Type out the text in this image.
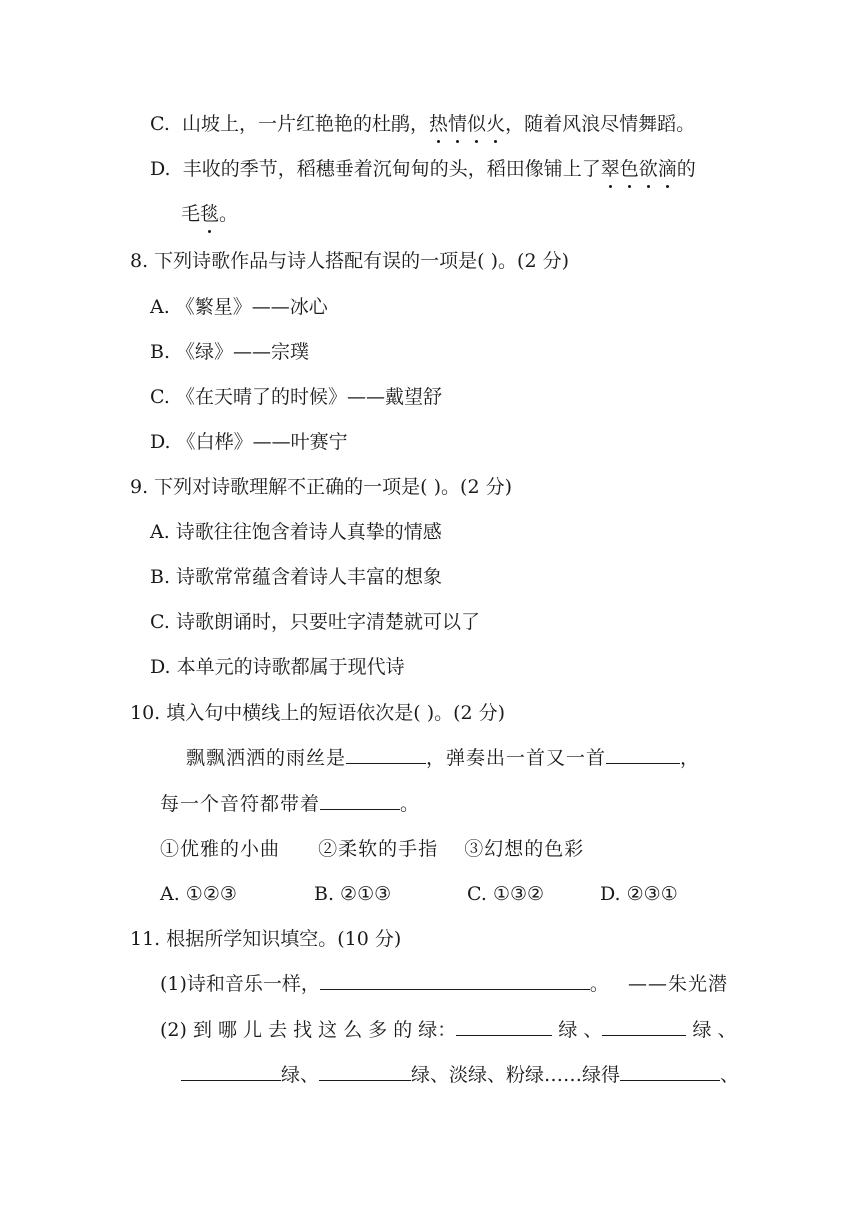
C. 山坡上，一片红艳艳的杜鹃，热情似火，随着风浪尽情舞蹈。
D. 丰收的季节，稻穗垂着沉甸甸的头，稻田像铺上了翠色欲滴的
毛毯。
8. 下列诗歌作品与诗人搭配有误的一项是( )。(2 分)
A. 《繁星》——冰心
B. 《绿》——宗璞
C. 《在天晴了的时候》——戴望舒
D. 《白桦》——叶赛宁
9. 下列对诗歌理解不正确的一项是( )。(2 分)
A. 诗歌往往饱含着诗人真挚的情感
B. 诗歌常常蕴含着诗人丰富的想象
C. 诗歌朗诵时，只要吐字清楚就可以了
D. 本单元的诗歌都属于现代诗
10. 填入句中横线上的短语依次是( )。(2 分)
飘飘洒洒的雨丝是	，弹奏出一首又一首	，
每一个音符都带着	。
①优雅的小曲 ②柔软的手指 ③幻想的色彩
A. ①②③	B. ②①③	C. ①③②	D. ②③①
11. 根据所学知识填空。(10 分)
(1)诗和音乐一样，	。 ——朱光潜
(2) 到 哪 儿 去 找 这 么 多 的 绿：	绿 、	绿 、
绿、	绿、淡绿、粉绿……绿得	、
